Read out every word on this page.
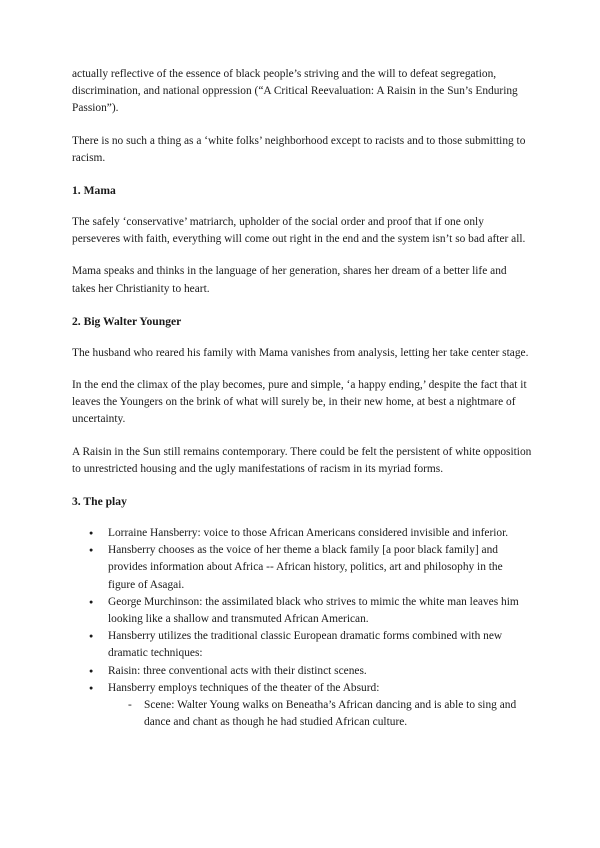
actually reflective of the essence of black people’s striving and the will to defeat segregation, discrimination, and national oppression (“A Critical Reevaluation: A Raisin in the Sun’s Enduring Passion”).

There is no such a thing as a ‘white folks’ neighborhood except to racists and to those submitting to racism.

1. Mama

The safely ‘conservative’ matriarch, upholder of the social order and proof that if one only perseveres with faith, everything will come out right in the end and the system isn’t so bad after all.

Mama speaks and thinks in the language of her generation, shares her dream of a better life and takes her Christianity to heart.

2. Big Walter Younger

The husband who reared his family with Mama vanishes from analysis, letting her take center stage.

In the end the climax of the play becomes, pure and simple, ‘a happy ending,’ despite the fact that it leaves the Youngers on the brink of what will surely be, in their new home, at best a nightmare of uncertainty.

A Raisin in the Sun still remains contemporary. There could be felt the persistent of white opposition to unrestricted housing and the ugly manifestations of racism in its myriad forms.

3. The play
● Lorraine Hansberry: voice to those African Americans considered invisible and inferior.
● Hansberry chooses as the voice of her theme a black family [a poor black family] and provides information about Africa -- African history, politics, art and philosophy in the figure of Asagai.
● George Murchinson: the assimilated black who strives to mimic the white man leaves him looking like a shallow and transmuted African American.
● Hansberry utilizes the traditional classic European dramatic forms combined with new dramatic techniques:
● Raisin: three conventional acts with their distinct scenes.
● Hansberry employs techniques of the theater of the Absurd:
- Scene: Walter Young walks on Beneatha’s African dancing and is able to sing and dance and chant as though he had studied African culture.
